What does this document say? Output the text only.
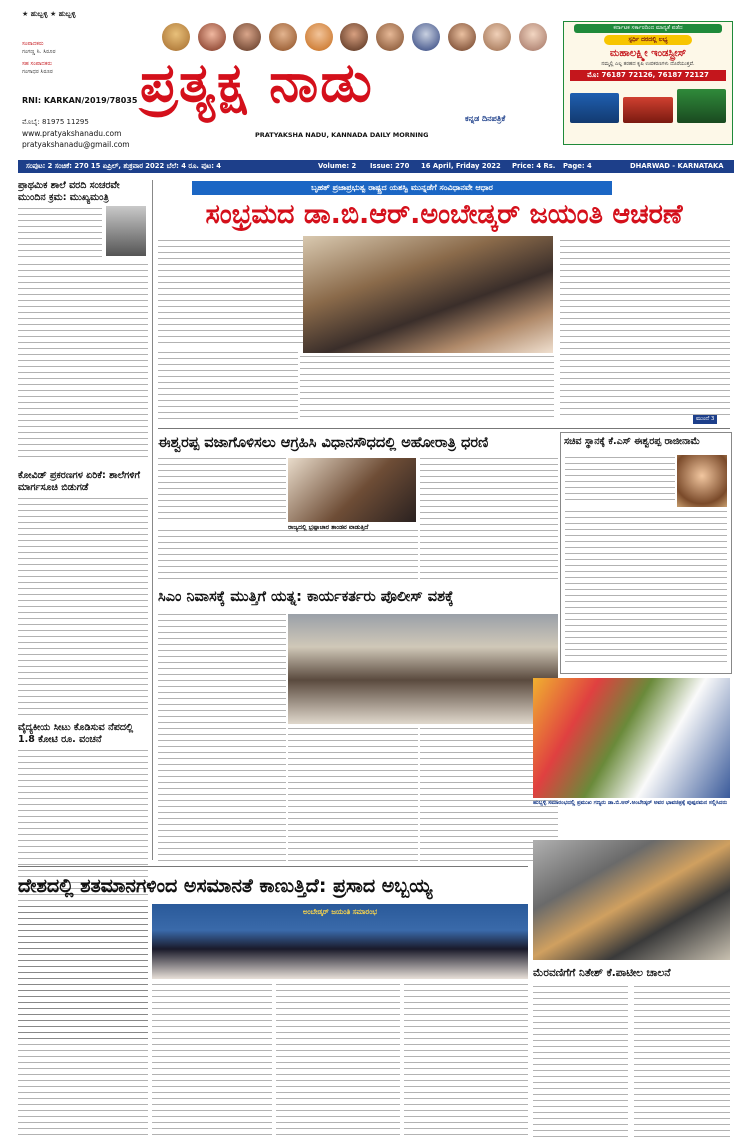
★ ಹುಬ್ಬಳ್ಳಿ ★ ಹುಬ್ಬಳ್ಳಿ
ಸಂಪಾದಕರು
ಗಂಗಣ್ಣ ಸಿ. ಸಿರೂರ
ಸಹ ಸಂಪಾದಕರು
ಗಂಗಾಧರ ಸಿರೂರ
RNI: KARKAN/2019/78035
ಮೊಬೈ: 81975 11295
www.pratyakshanadu.com
pratyakshanadu@gmail.com
ಪ್ರತ್ಯಕ್ಷ ನಾಡು
ಕನ್ನಡ ದಿನಪತ್ರಿಕೆ
PRATYAKSHA NADU, KANNADA DAILY MORNING
ಕರ್ನಾಟಕ ಸರ್ಕಾರದಿಂದ ಮಾನ್ಯತೆ ಪಡೆದ
ಸ್ಪರ್ಧಿ ದರದಲ್ಲಿ ಲಭ್ಯ
ಮಹಾಲಕ್ಷ್ಮೀ ಇಂಡಸ್ಟ್ರೀಸ್
ನಮ್ಮಲ್ಲಿ ಎಲ್ಲ ತರಹದ ಕೃಷಿ ಉಪಕರಣಗಳು ದೊರೆಯುತ್ತವೆ.
ಮೊ: 76187 72126, 76187 72127
ಸಂಪುಟ: 2 ಸಂಚಿಕೆ: 270 15 ಏಪ್ರಿಲ್, ಶುಕ್ರವಾರ 2022 ಬೆಲೆ: 4 ರೂ. ಪುಟ: 4	Volume: 2 Issue: 270 16 April, Friday 2022 Price: 4 Rs. Page: 4	DHARWAD - KARNATAKA
ಪ್ರಾಥಮಿಕ ಶಾಲೆ ವರದಿ ಸಂಚರವೇ ಮುಂದಿನ ಕ್ರಮ: ಮುಖ್ಯಮಂತ್ರಿ
ಕೋವಿಡ್ ಪ್ರಕರಣಗಳ ಏರಿಕೆ: ಶಾಲೆಗಳಿಗೆ ಮಾರ್ಗಸೂಚಿ ಬಿಡುಗಡೆ
ವೈದ್ಯಕೀಯ ಸೀಟು ಕೊಡಿಸುವ ನೆಪದಲ್ಲಿ 1.8 ಕೋಟಿ ರೂ. ವಂಚನೆ
ಬೃಹತ್ ಪ್ರಜಾಪ್ರಭುತ್ವ ರಾಷ್ಟ್ರದ ಯಶಸ್ವಿ ಮುನ್ನಡೆಗೆ ಸಂವಿಧಾನವೇ ಆಧಾರ
ಸಂಭ್ರಮದ ಡಾ.ಬಿ.ಆರ್.ಅಂಬೇಡ್ಕರ್ ಜಯಂತಿ ಆಚರಣೆ
ಮುಂದೆ 3
ಈಶ್ವರಪ್ಪ ವಜಾಗೊಳಿಸಲು ಆಗ್ರಹಿಸಿ ವಿಧಾನಸೌಧದಲ್ಲಿ ಅಹೋರಾತ್ರಿ ಧರಣಿ
ರಾಜ್ಯದಲ್ಲಿ ಭ್ರಷ್ಟಾಚಾರ ತಾಂಡವ ವಾಡುತ್ತಿದೆ
ಸಿಎಂ ನಿವಾಸಕ್ಕೆ ಮುತ್ತಿಗೆ ಯತ್ನ: ಕಾರ್ಯಕರ್ತರು ಪೊಲೀಸ್ ವಶಕ್ಕೆ
ಸಚಿವ ಸ್ಥಾನಕ್ಕೆ ಕೆ.ಎಸ್ ಈಶ್ವರಪ್ಪ ರಾಜೀನಾಮೆ
ಹುಬ್ಬಳ್ಳಿ ಸಮಾರಂಭದಲ್ಲಿ ಪ್ರಮುಖ ಗಣ್ಯರು ಡಾ.ಬಿ.ಆರ್.ಅಂಬೇಡ್ಕರ್ ಅವರ ಭಾವಚಿತ್ರಕ್ಕೆ ಪುಷ್ಪನಮನ ಸಲ್ಲಿಸಿದರು
ದೇಶದಲ್ಲಿ ಶತಮಾನಗಳಿಂದ ಅಸಮಾನತೆ ಕಾಣುತ್ತಿದೆ: ಪ್ರಸಾದ ಅಬ್ಬಯ್ಯ
ಅಂಬೇಡ್ಕರ್ ಜಯಂತಿ ಸಮಾರಂಭ
ಮೆರವಣಿಗೆಗೆ ನಿತೇಶ್ ಕೆ.ಪಾಟೀಲ ಚಾಲನೆ
